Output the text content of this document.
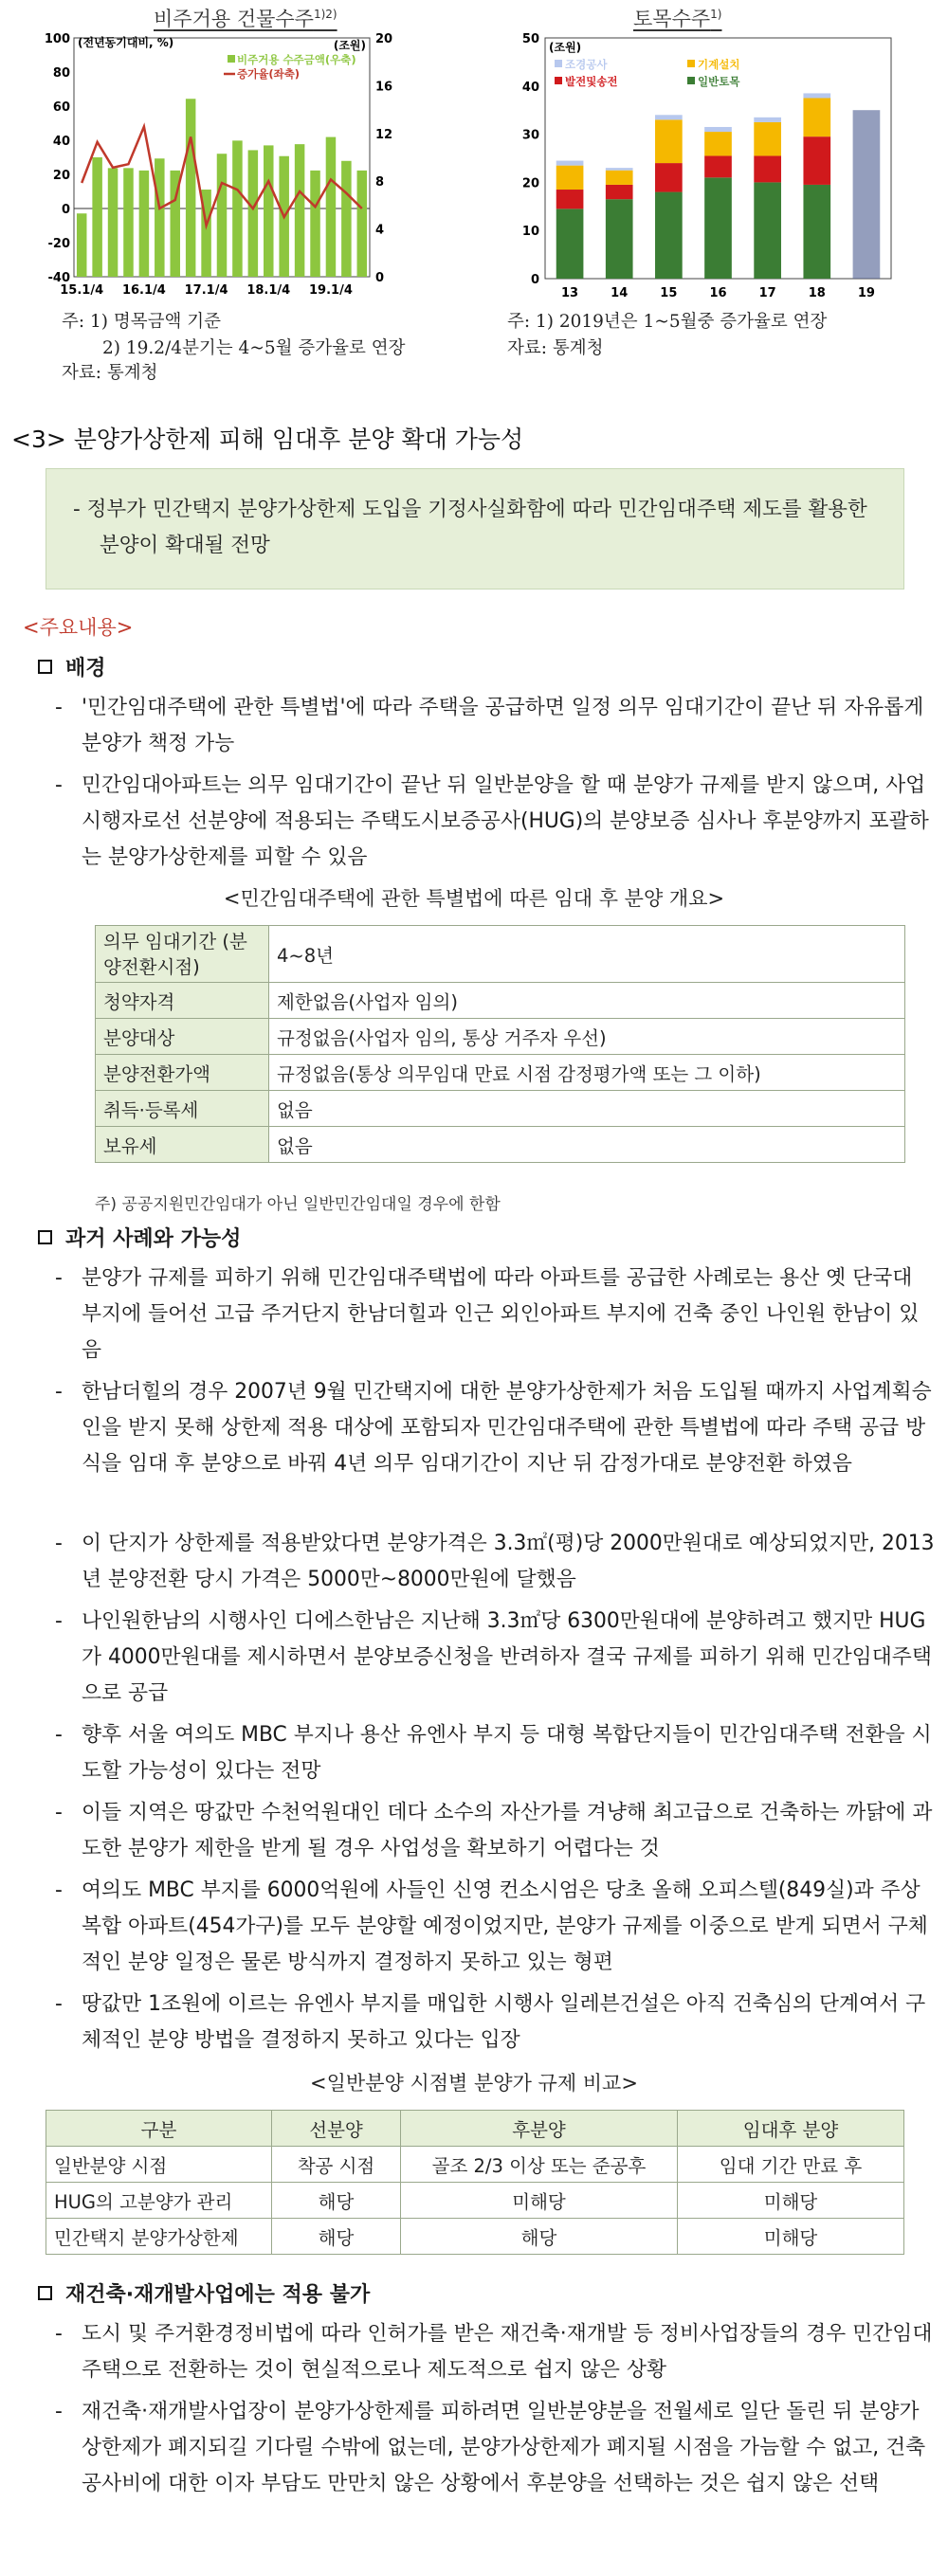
비주거용 건물수주$^{1)2)}$
100
80
60
40
20
0
-20
-40
20
16
12
8
4
0
15.1/4 16.1/4 17.1/4 18.1/4 19.1/4
(전년동기대비, %)	(조원)
비주거용 수주금액(우축)
증가율(좌축)
토목수주$^{1)}$
50
40
30
20
10
0
13	14	15	16	17	18	19
(조원)
조경공사	기계설치
발전및송전	일반토목
주: 1) 명목금액 기준
2) 19.2/4분기는 4~5월 증가율로 연장
자료: 통계청
주: 1) 2019년은 1~5월중 증가율로 연장
자료: 통계청
<3> 분양가상한제 피해 임대후 분양 확대 가능성
- 정부가 민간택지 분양가상한제 도입을 기정사실화함에 따라 민간임대주택 제도를 활용한 분양이 확대될 전망
<주요내용>
배경
- '민간임대주택에 관한 특별법'에 따라 주택을 공급하면 일정 의무 임대기간이 끝난 뒤 자유롭게 분양가 책정 가능
- 민간임대아파트는 의무 임대기간이 끝난 뒤 일반분양을 할 때 분양가 규제를 받지 않으며, 사업 시행자로선 선분양에 적용되는 주택도시보증공사(HUG)의 분양보증 심사나 후분양까지 포괄하는 분양가상한제를 피할 수 있음
<민간임대주택에 관한 특별법에 따른 임대 후 분양 개요>
의무 임대기간 (분양전환시점)	4~8년
청약자격	제한없음(사업자 임의)
분양대상	규정없음(사업자 임의, 통상 거주자 우선)
분양전환가액	규정없음(통상 의무임대 만료 시점 감정평가액 또는 그 이하)
취득·등록세	없음
보유세	없음
주) 공공지원민간임대가 아닌 일반민간임대일 경우에 한함
과거 사례와 가능성
- 분양가 규제를 피하기 위해 민간임대주택법에 따라 아파트를 공급한 사례로는 용산 옛 단국대 부지에 들어선 고급 주거단지 한남더힐과 인근 외인아파트 부지에 건축 중인 나인원 한남이 있음
- 한남더힐의 경우 2007년 9월 민간택지에 대한 분양가상한제가 처음 도입될 때까지 사업계획승인을 받지 못해 상한제 적용 대상에 포함되자 민간임대주택에 관한 특별법에 따라 주택 공급 방식을 임대 후 분양으로 바꿔 4년 의무 임대기간이 지난 뒤 감정가대로 분양전환 하였음
- 이 단지가 상한제를 적용받았다면 분양가격은 3.3㎡(평)당 2000만원대로 예상되었지만, 2013년 분양전환 당시 가격은 5000만~8000만원에 달했음
- 나인원한남의 시행사인 디에스한남은 지난해 3.3㎡당 6300만원대에 분양하려고 했지만 HUG가 4000만원대를 제시하면서 분양보증신청을 반려하자 결국 규제를 피하기 위해 민간임대주택으로 공급
- 향후 서울 여의도 MBC 부지나 용산 유엔사 부지 등 대형 복합단지들이 민간임대주택 전환을 시도할 가능성이 있다는 전망
- 이들 지역은 땅값만 수천억원대인 데다 소수의 자산가를 겨냥해 최고급으로 건축하는 까닭에 과도한 분양가 제한을 받게 될 경우 사업성을 확보하기 어렵다는 것
- 여의도 MBC 부지를 6000억원에 사들인 신영 컨소시엄은 당초 올해 오피스텔(849실)과 주상복합 아파트(454가구)를 모두 분양할 예정이었지만, 분양가 규제를 이중으로 받게 되면서 구체적인 분양 일정은 물론 방식까지 결정하지 못하고 있는 형편
- 땅값만 1조원에 이르는 유엔사 부지를 매입한 시행사 일레븐건설은 아직 건축심의 단계여서 구체적인 분양 방법을 결정하지 못하고 있다는 입장
<일반분양 시점별 분양가 규제 비교>
구분	선분양	후분양	임대후 분양
일반분양 시점	착공 시점	골조 2/3 이상 또는 준공후	임대 기간 만료 후
HUG의 고분양가 관리	해당	미해당	미해당
민간택지 분양가상한제	해당	해당	미해당
재건축·재개발사업에는 적용 불가
- 도시 및 주거환경정비법에 따라 인허가를 받은 재건축·재개발 등 정비사업장들의 경우 민간임대주택으로 전환하는 것이 현실적으로나 제도적으로 쉽지 않은 상황
- 재건축·재개발사업장이 분양가상한제를 피하려면 일반분양분을 전월세로 일단 돌린 뒤 분양가상한제가 폐지되길 기다릴 수밖에 없는데, 분양가상한제가 폐지될 시점을 가늠할 수 없고, 건축 공사비에 대한 이자 부담도 만만치 않은 상황에서 후분양을 선택하는 것은 쉽지 않은 선택
